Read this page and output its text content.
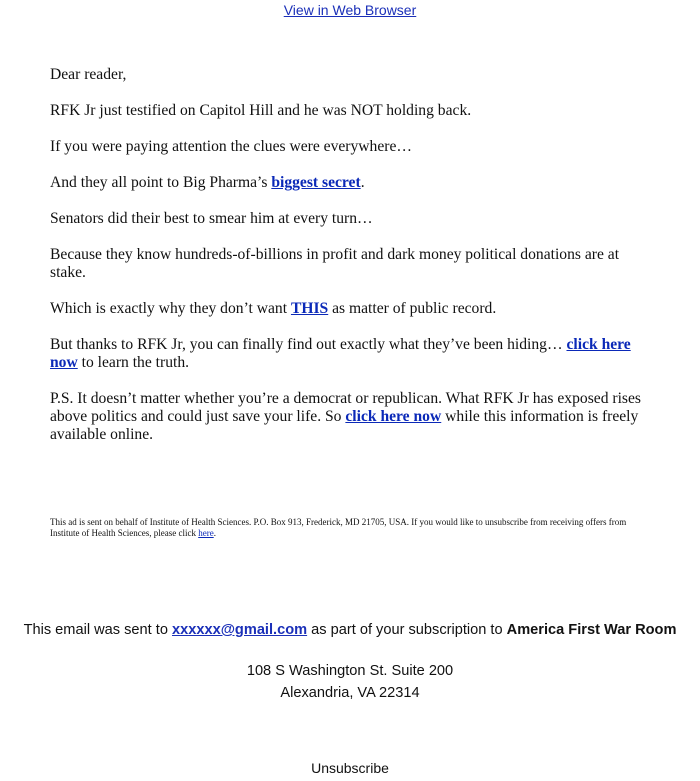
View in Web Browser

Dear reader,

RFK Jr just testified on Capitol Hill and he was NOT holding back.

If you were paying attention the clues were everywhere…

And they all point to Big Pharma’s biggest secret.

Senators did their best to smear him at every turn…

Because they know hundreds-of-billions in profit and dark money political donations are at stake.

Which is exactly why they don’t want THIS as matter of public record.

But thanks to RFK Jr, you can finally find out exactly what they’ve been hiding… click here now to learn the truth.

P.S. It doesn’t matter whether you’re a democrat or republican. What RFK Jr has exposed rises above politics and could just save your life. So click here now while this information is freely available online.

This ad is sent on behalf of Institute of Health Sciences. P.O. Box 913, Frederick, MD 21705, USA. If you would like to unsubscribe from receiving offers from Institute of Health Sciences, please click here.

This email was sent to xxxxxx@gmail.com as part of your subscription to America First War Room

108 S Washington St. Suite 200
Alexandria, VA 22314
Unsubscribe
